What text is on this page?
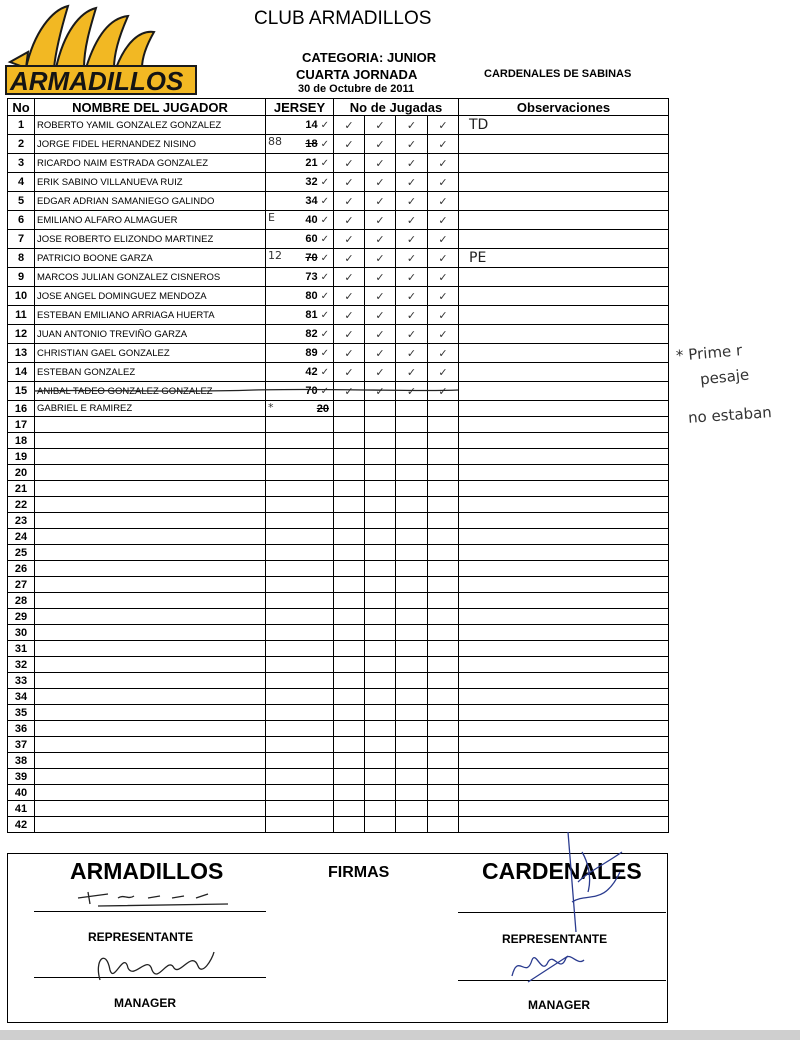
ARMADILLOS
CLUB ARMADILLOS
CATEGORIA: JUNIOR
CUARTA JORNADA
30 de Octubre de 2011
CARDENALES DE SABINAS
No	NOMBRE DEL JUGADOR	JERSEY	No de Jugadas				Observaciones
1	ROBERTO YAMIL GONZALEZ GONZALEZ	14 ✓	✓	✓	✓	✓	TD
2	JORGE FIDEL HERNANDEZ NISINO	88 18 ✓	✓	✓	✓	✓	
3	RICARDO NAIM ESTRADA GONZALEZ	21 ✓	✓	✓	✓	✓	
4	ERIK SABINO VILLANUEVA RUIZ	32 ✓	✓	✓	✓	✓	
5	EDGAR ADRIAN SAMANIEGO GALINDO	34 ✓	✓	✓	✓	✓	
6	EMILIANO ALFARO ALMAGUER	E 40 ✓	✓	✓	✓	✓	
7	JOSE ROBERTO ELIZONDO MARTINEZ	60 ✓	✓	✓	✓	✓	
8	PATRICIO BOONE GARZA	12 70 ✓	✓	✓	✓	✓	PE
9	MARCOS JULIAN GONZALEZ CISNEROS	73 ✓	✓	✓	✓	✓	
10	JOSE ANGEL DOMINGUEZ MENDOZA	80 ✓	✓	✓	✓	✓	
11	ESTEBAN EMILIANO ARRIAGA HUERTA	81 ✓	✓	✓	✓	✓	
12	JUAN ANTONIO TREVIÑO GARZA	82 ✓	✓	✓	✓	✓	
13	CHRISTIAN GAEL GONZALEZ	89 ✓	✓	✓	✓	✓	
14	ESTEBAN GONZALEZ	42 ✓	✓	✓	✓	✓	
15	ANIBAL TADEO GONZALEZ GONZALEZ	70 ✓	✓	✓	✓	✓	
16	GABRIEL E RAMIREZ	* 20					
17							
18							
19							
20							
21							
22							
23							
24							
25							
26							
27							
28							
29							
30							
31							
32							
33							
34							
35							
36							
37							
38							
39							
40							
41							
42							
* Prime r
pesaje
no estaban
ARMADILLOS	FIRMAS	CARDENALES
REPRESENTANTE	REPRESENTANTE
MANAGER	MANAGER
